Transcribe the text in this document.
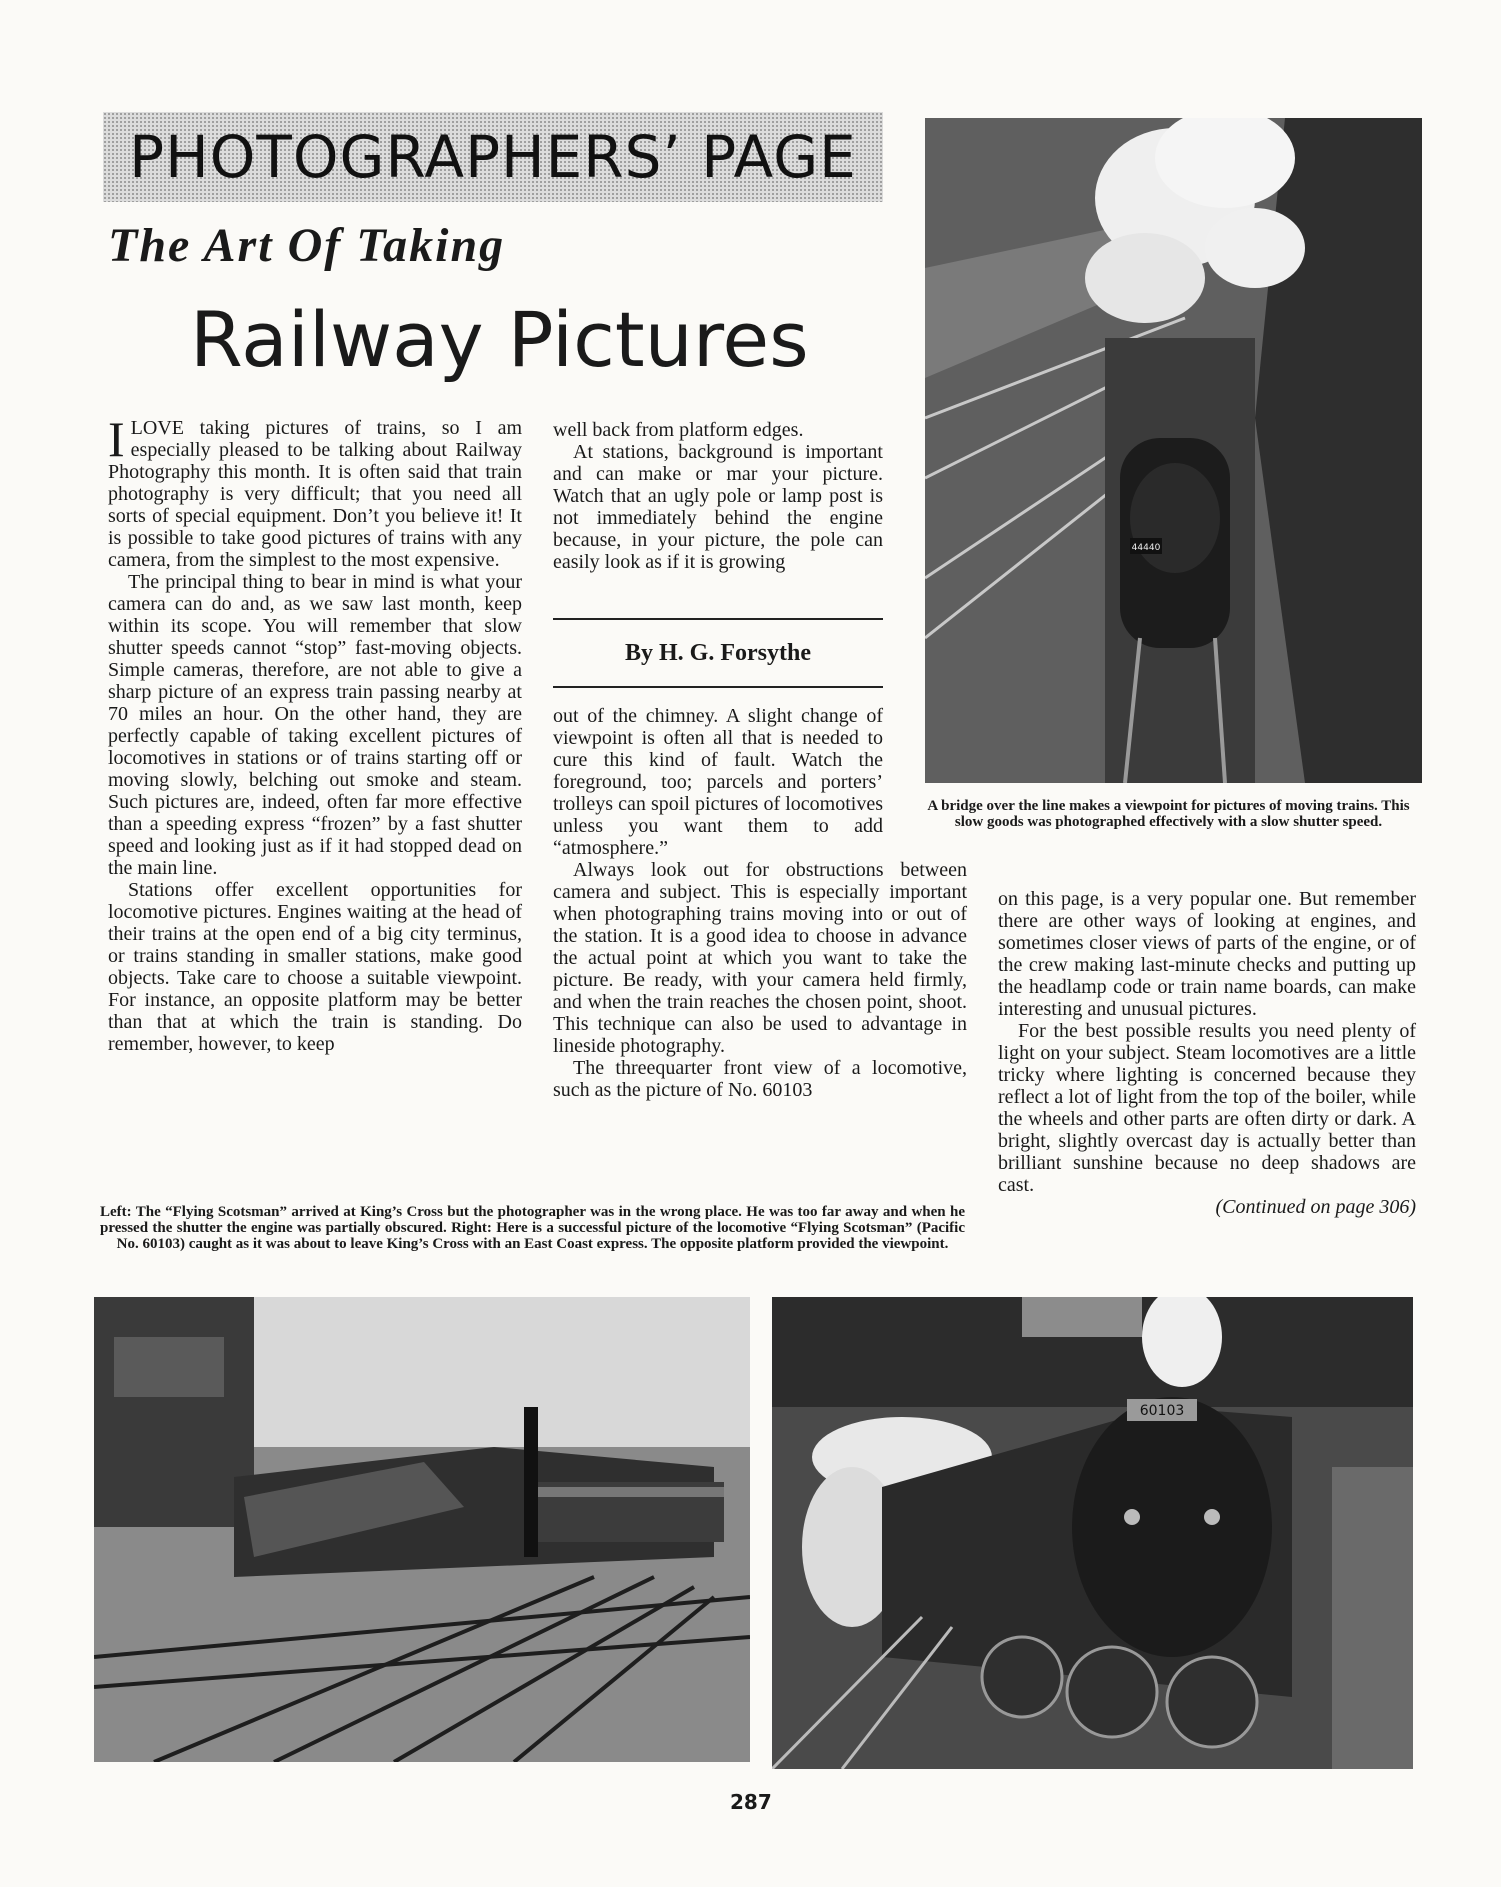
PHOTOGRAPHERS’ PAGE
The Art Of Taking
Railway Pictures

ILOVE taking pictures of trains, so I am especially pleased to be talking about Railway Photography this month. It is often said that train photography is very difficult; that you need all sorts of special equipment. Don’t you believe it! It is possible to take good pictures of trains with any camera, from the simplest to the most expensive.

The principal thing to bear in mind is what your camera can do and, as we saw last month, keep within its scope. You will remember that slow shutter speeds cannot “stop” fast-moving objects. Simple cameras, therefore, are not able to give a sharp picture of an express train passing nearby at 70 miles an hour. On the other hand, they are perfectly capable of taking excellent pictures of locomotives in stations or of trains starting off or moving slowly, belching out smoke and steam. Such pictures are, indeed, often far more effective than a speeding express “frozen” by a fast shutter speed and looking just as if it had stopped dead on the main line.

Stations offer excellent opportunities for locomotive pictures. Engines waiting at the head of their trains at the open end of a big city terminus, or trains standing in smaller stations, make good objects. Take care to choose a suitable viewpoint. For instance, an opposite platform may be better than that at which the train is standing. Do remember, however, to keep

well back from platform edges.

At stations, background is important and can make or mar your picture. Watch that an ugly pole or lamp post is not immediately behind the engine because, in your picture, the pole can easily look as if it is growing

By H. G. Forsythe

out of the chimney. A slight change of viewpoint is often all that is needed to cure this kind of fault. Watch the foreground, too; parcels and porters’ trolleys can spoil pictures of locomotives unless you want them to add “atmosphere.”

Always look out for obstructions between camera and subject. This is especially important when photographing trains moving into or out of the station. It is a good idea to choose in advance the actual point at which you want to take the picture. Be ready, with your camera held firmly, and when the train reaches the chosen point, shoot. This technique can also be used to advantage in lineside photography.

The threequarter front view of a locomotive, such as the picture of No. 60103

on this page, is a very popular one. But remember there are other ways of looking at engines, and sometimes closer views of parts of the engine, or of the crew making last-minute checks and putting up the headlamp code or train name boards, can make interesting and unusual pictures.

For the best possible results you need plenty of light on your subject. Steam locomotives are a little tricky where lighting is concerned because they reflect a lot of light from the top of the boiler, while the wheels and other parts are often dirty or dark. A bright, slightly overcast day is actually better than brilliant sunshine because no deep shadows are cast.

(Continued on page 306)
44440
A bridge over the line makes a viewpoint for pictures of moving trains. This slow goods was photographed effectively with a slow shutter speed.
Left: The “Flying Scotsman” arrived at King’s Cross but the photographer was in the wrong place. He was too far away and when he pressed the shutter the engine was partially obscured. Right: Here is a successful picture of the locomotive “Flying Scotsman” (Pacific No. 60103) caught as it was about to leave King’s Cross with an East Coast express. The opposite platform provided the viewpoint.
60103
287
